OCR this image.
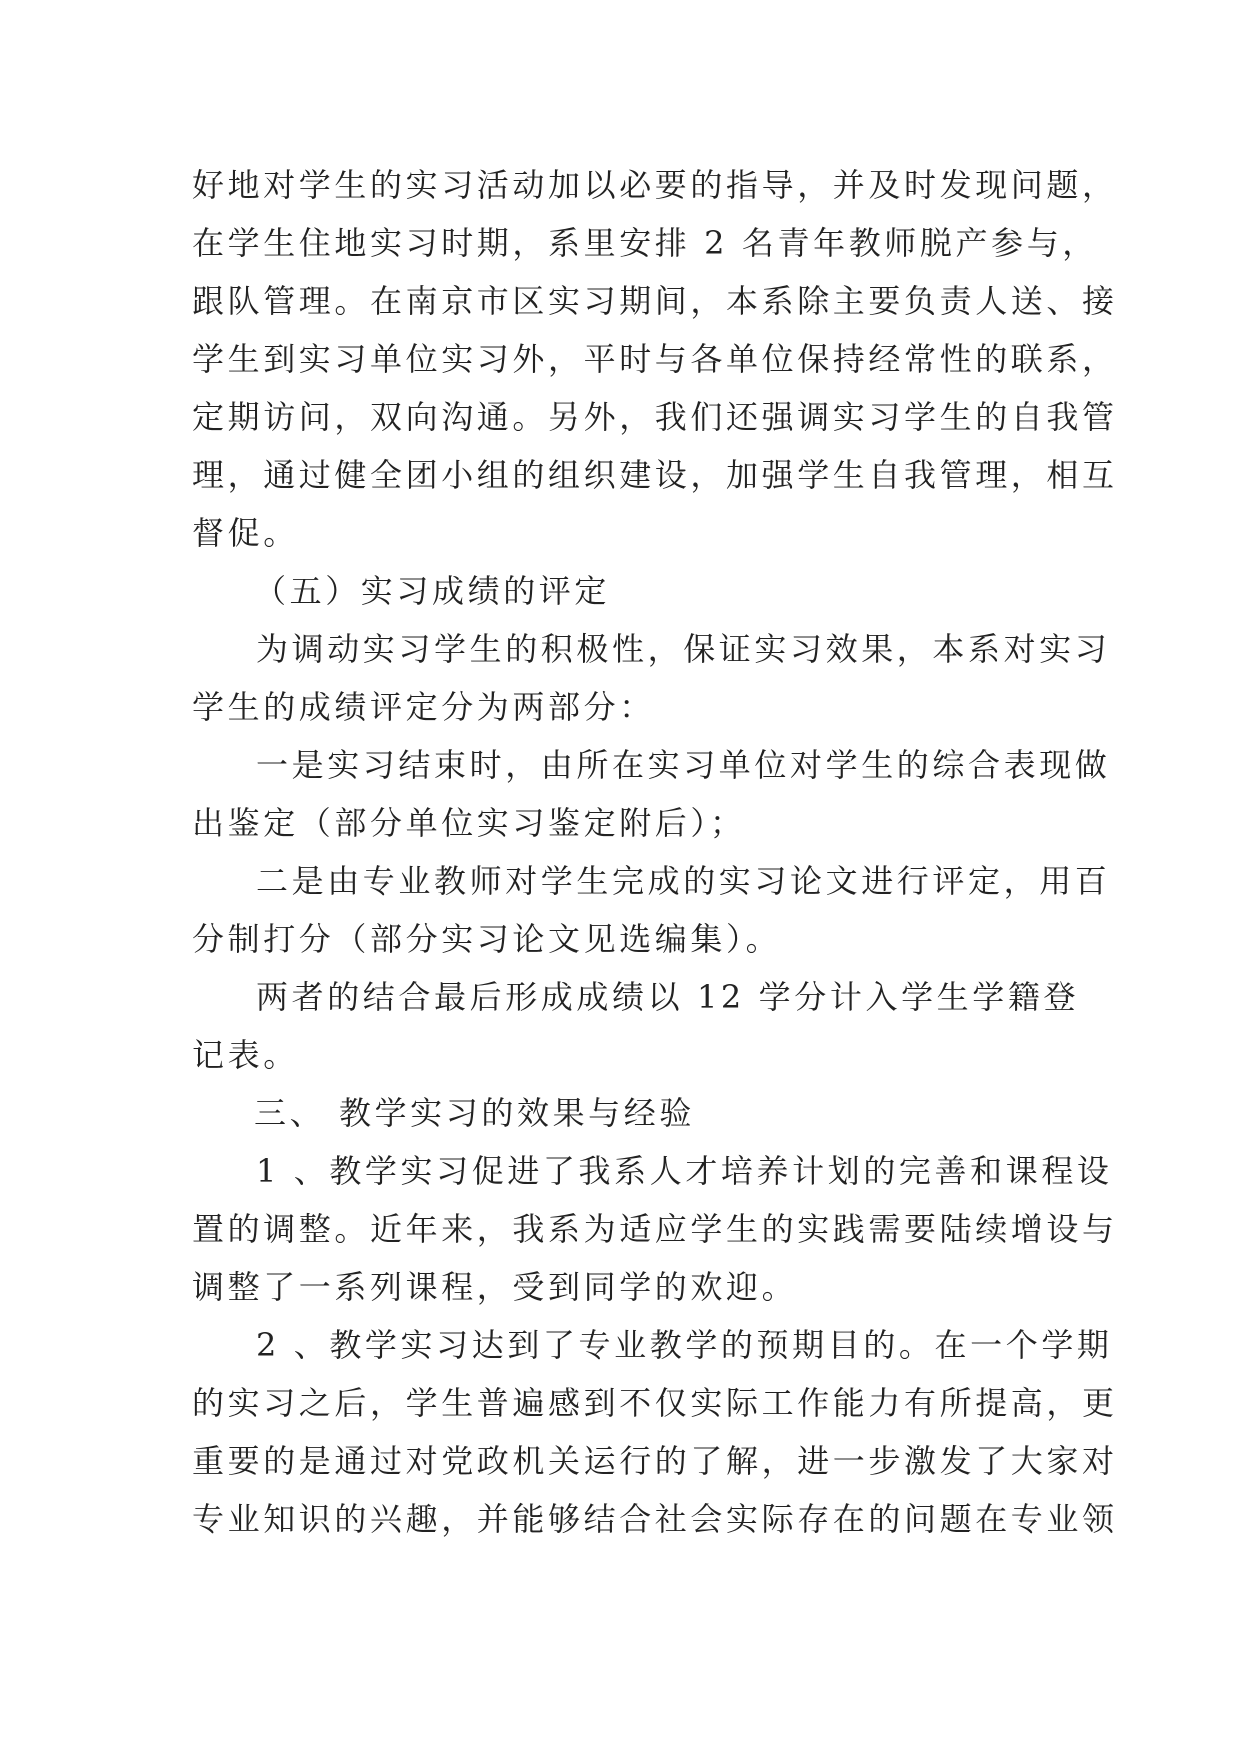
好地对学生的实习活动加以必要的指导，并及时发现问题，
在学生住地实习时期，系里安排 2 名青年教师脱产参与，
跟队管理。在南京市区实习期间，本系除主要负责人送、接
学生到实习单位实习外，平时与各单位保持经常性的联系，
定期访问，双向沟通。另外，我们还强调实习学生的自我管
理，通过健全团小组的组织建设，加强学生自我管理，相互
督促。
（五）实习成绩的评定
为调动实习学生的积极性，保证实习效果，本系对实习
学生的成绩评定分为两部分：
一是实习结束时，由所在实习单位对学生的综合表现做
出鉴定（部分单位实习鉴定附后）；
二是由专业教师对学生完成的实习论文进行评定，用百
分制打分（部分实习论文见选编集）。
两者的结合最后形成成绩以 12 学分计入学生学籍登
记表。
三、 教学实习的效果与经验
1 、教学实习促进了我系人才培养计划的完善和课程设
置的调整。近年来，我系为适应学生的实践需要陆续增设与
调整了一系列课程，受到同学的欢迎。
2 、教学实习达到了专业教学的预期目的。在一个学期
的实习之后，学生普遍感到不仅实际工作能力有所提高，更
重要的是通过对党政机关运行的了解，进一步激发了大家对
专业知识的兴趣，并能够结合社会实际存在的问题在专业领
